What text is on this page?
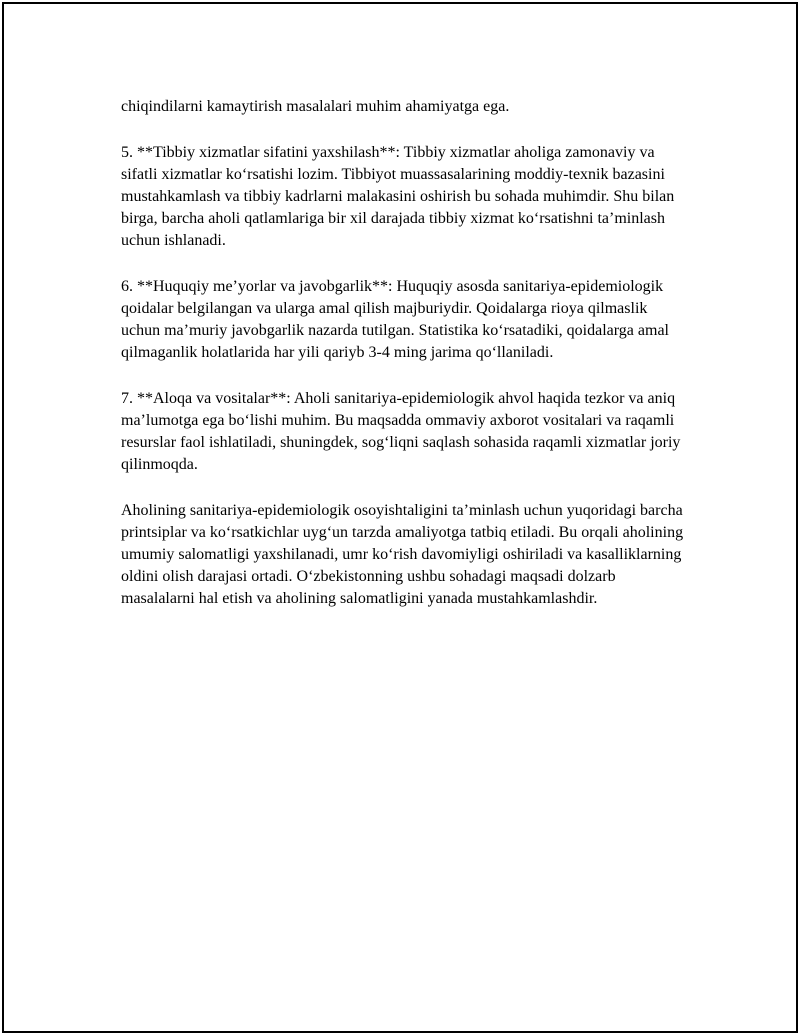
chiqindilarni kamaytirish masalalari muhim ahamiyatga ega.

5. **Tibbiy xizmatlar sifatini yaxshilash**: Tibbiy xizmatlar aholiga zamonaviy va sifatli xizmatlar koʻrsatishi lozim. Tibbiyot muassasalarining moddiy-texnik bazasini mustahkamlash va tibbiy kadrlarni malakasini oshirish bu sohada muhimdir. Shu bilan birga, barcha aholi qatlamlariga bir xil darajada tibbiy xizmat koʻrsatishni taʼminlash uchun ishlanadi.

6. **Huquqiy meʼyorlar va javobgarlik**: Huquqiy asosda sanitariya-epidemiologik qoidalar belgilangan va ularga amal qilish majburiydir. Qoidalarga rioya qilmaslik uchun maʼmuriy javobgarlik nazarda tutilgan. Statistika koʻrsatadiki, qoidalarga amal qilmaganlik holatlarida har yili qariyb 3-4 ming jarima qoʻllaniladi.

7. **Aloqa va vositalar**: Aholi sanitariya-epidemiologik ahvol haqida tezkor va aniq maʼlumotga ega boʻlishi muhim. Bu maqsadda ommaviy axborot vositalari va raqamli resurslar faol ishlatiladi, shuningdek, sogʻliqni saqlash sohasida raqamli xizmatlar joriy qilinmoqda.

Aholining sanitariya-epidemiologik osoyishtaligini taʼminlash uchun yuqoridagi barcha printsiplar va koʻrsatkichlar uygʻun tarzda amaliyotga tatbiq etiladi. Bu orqali aholining umumiy salomatligi yaxshilanadi, umr koʻrish davomiyligi oshiriladi va kasalliklarning oldini olish darajasi ortadi. Oʻzbekistonning ushbu sohadagi maqsadi dolzarb masalalarni hal etish va aholining salomatligini yanada mustahkamlashdir.
